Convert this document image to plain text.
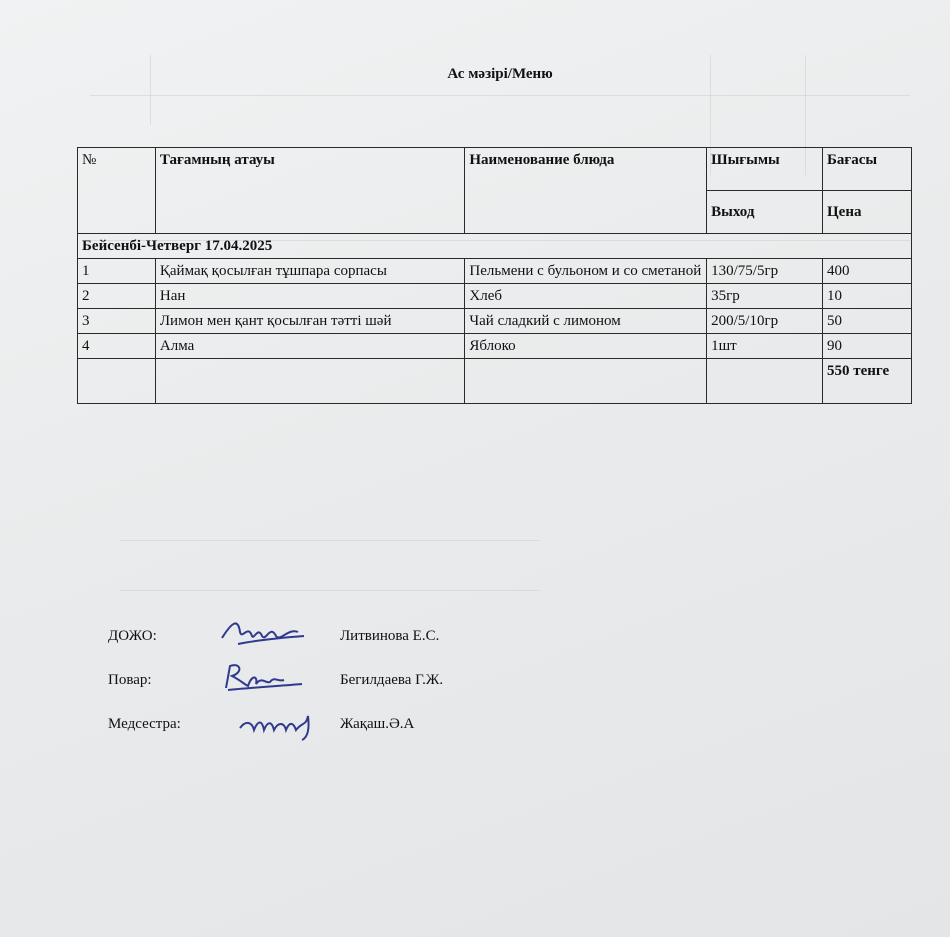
Ас мәзірі/Меню
№	Тағамның атауы	Наименование блюда	Шығымы	Бағасы
			Выход	Цена
Бейсенбі-Четверг 17.04.2025				
1	Қаймақ қосылған тұшпара сорпасы	Пельмени с бульоном и со сметаной	130/75/5гр	400
2	Нан	Хлеб	35гр	10
3	Лимон мен қант қосылған тәтті шәй	Чай сладкий с лимоном	200/5/10гр	50
4	Алма	Яблоко	1шт	90
				550 тенге
ДОЖО:	Литвинова Е.С.
Повар:	Бегилдаева Г.Ж.
Медсестра:	Жақаш.Ә.А
